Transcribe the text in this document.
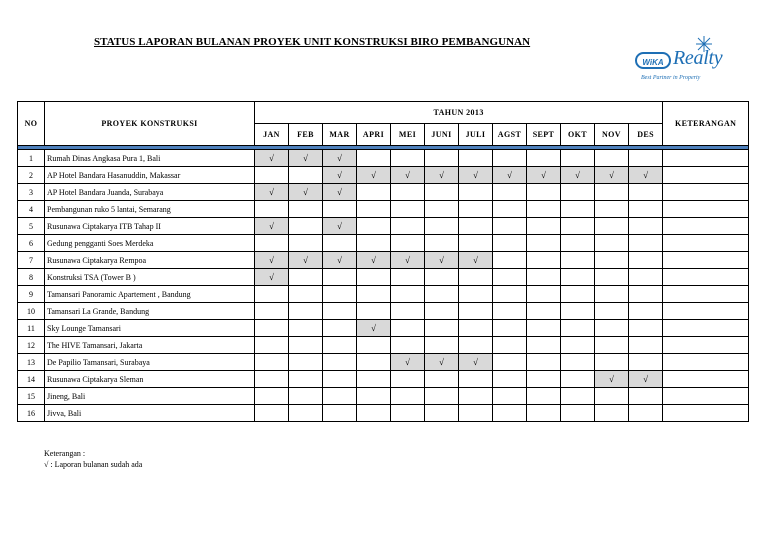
STATUS LAPORAN BULANAN PROYEK UNIT KONSTRUKSI BIRO PEMBANGUNAN
WiKA Realty
Best Partner in Property
NO	PROYEK KONSTRUKSI	TAHUN 2013												KETERANGAN
		JAN	FEB	MAR	APRI	MEI	JUNI	JULI	AGST	SEPT	OKT	NOV	DES	

1	Rumah Dinas Angkasa Pura 1, Bali	√	√	√										
2	AP Hotel Bandara Hasanuddin, Makassar			√	√	√	√	√	√	√	√	√	√	
3	AP Hotel Bandara Juanda, Surabaya	√	√	√										
4	Pembangunan ruko 5 lantai, Semarang													
5	Rusunawa Ciptakarya ITB Tahap II	√		√										
6	Gedung pengganti Soes Merdeka													
7	Rusunawa Ciptakarya Rempoa	√	√	√	√	√	√	√						
8	Konstruksi TSA (Tower B )	√												
9	Tamansari Panoramic Apartement , Bandung													
10	Tamansari La Grande, Bandung													
11	Sky Lounge Tamansari				√									
12	The HIVE Tamansari, Jakarta													
13	De Papilio Tamansari, Surabaya					√	√	√						
14	Rusunawa Ciptakarya Sleman											√	√	
15	Jineng, Bali													
16	Jivva, Bali													
Keterangan :
√ : Laporan bulanan sudah ada
